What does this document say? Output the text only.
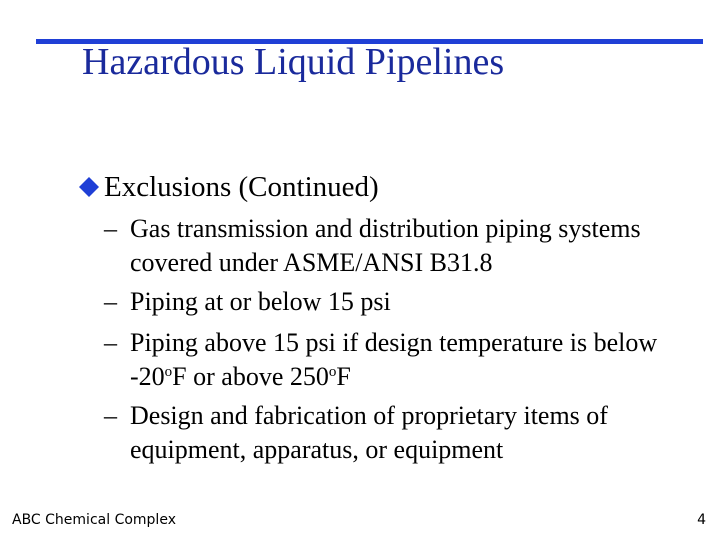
Hazardous Liquid Pipelines
Exclusions (Continued)
– Gas transmission and distribution piping systems covered under ASME/ANSI B31.8
– Piping at or below 15 psi
– Piping above 15 psi if design temperature is below -20$^o$F or above 250$^o$F
– Design and fabrication of proprietary items of equipment, apparatus, or equipment
ABC Chemical Complex	4
